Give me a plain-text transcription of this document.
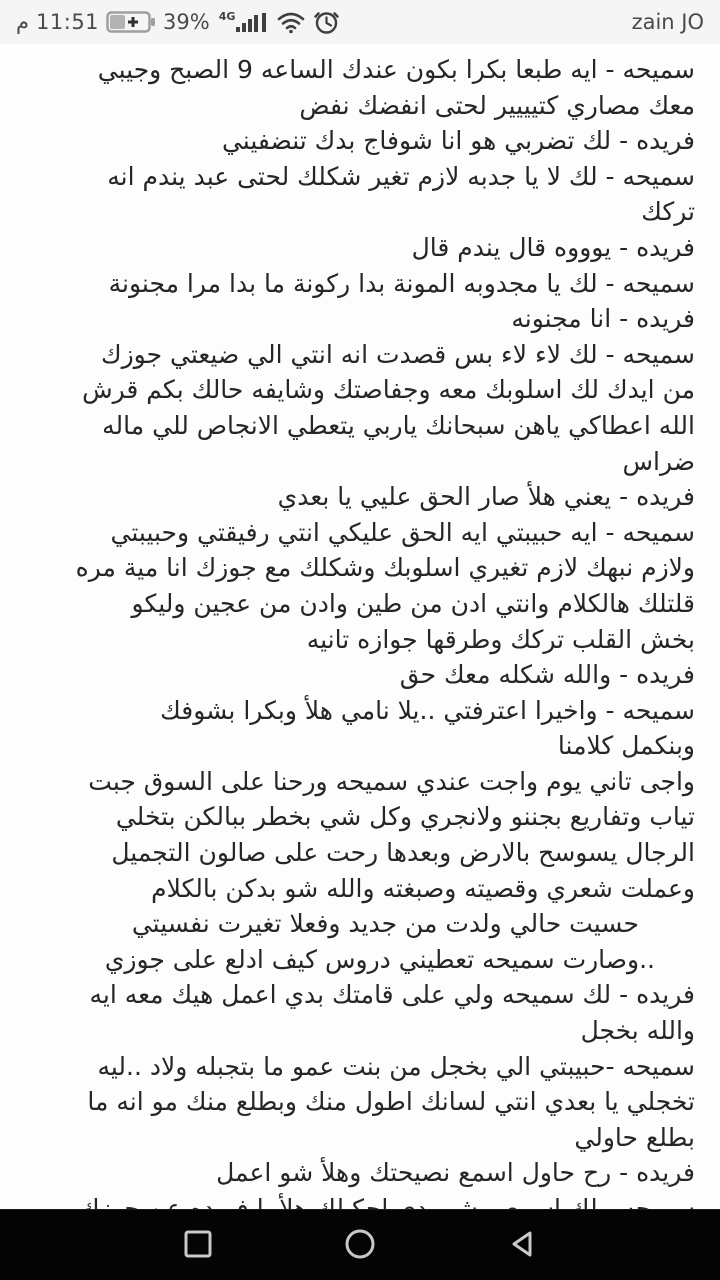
م 11:51	39% 4G	zain JO
سميحه - ايه طبعا بكرا بكون عندك الساعه 9 الصبح وجيبي
معك مصاري كتيييير لحتى انفضك نفض
فريده - لك تضربي هو انا شوفاج بدك تنضفيني
سميحه - لك لا يا جدبه لازم تغير شكلك لحتى عبد يندم انه
تركك
فريده - يوووه قال يندم قال
سميحه - لك يا مجدوبه المونة بدا ركونة ما بدا مرا مجنونة
فريده - انا مجنونه
سميحه - لك لاء لاء بس قصدت انه انتي الي ضيعتي جوزك
من ايدك لك اسلوبك معه وجفاصتك وشايفه حالك بكم قرش
الله اعطاكي ياهن سبحانك ياربي يتعطي الانجاص للي ماله
ضراس
فريده - يعني هلأ صار الحق عليي يا بعدي
سميحه - ايه حبيبتي ايه الحق عليكي انتي رفيقتي وحبيبتي
ولازم نبهك لازم تغيري اسلوبك وشكلك مع جوزك انا مية مره
قلتلك هالكلام وانتي ادن من طين وادن من عجين وليكو
بخش القلب تركك وطرقها جوازه تانيه
فريده - والله شكله معك حق
سميحه - واخيرا اعترفتي ..يلا نامي هلأ وبكرا بشوفك
وبنكمل كلامنا
واجى تاني يوم واجت عندي سميحه ورحنا على السوق جبت
تياب وتفاريع بجننو ولانجري وكل شي بخطر ببالكن بتخلي
الرجال يسوسح بالارض وبعدها رحت على صالون التجميل
وعملت شعري وقصيته وصبغته والله شو بدكن بالكلام
حسيت حالي ولدت من جديد وفعلا تغيرت نفسيتي
..وصارت سميحه تعطيني دروس كيف ادلع على جوزي
فريده - لك سميحه ولي على قامتك بدي اعمل هيك معه ايه
والله بخجل
سميحه -حبيبتي الي بخجل من بنت عمو ما بتجبله ولاد ..ليه
تخجلي يا بعدي انتي لسانك اطول منك وبطلع منك مو انه ما
بطلع حاولي
فريده - رح حاول اسمع نصيحتك وهلأ شو اعمل
